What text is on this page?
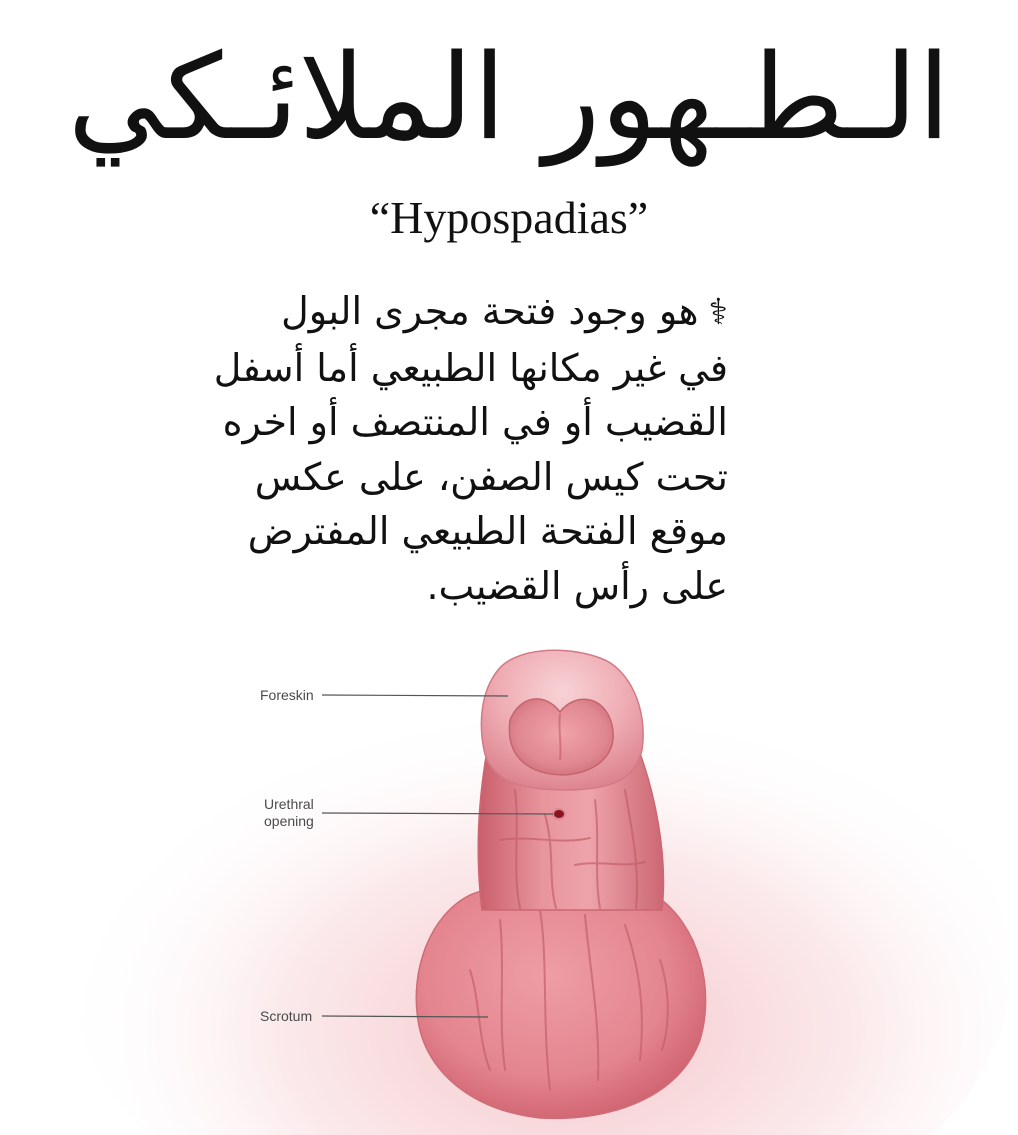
الـطـهور الملائـكي
“Hypospadias”
⚕هو وجود فتحة مجرى البول
في غير مكانها الطبيعي أما أسفل
القضيب أو في المنتصف أو اخره
تحت كيس الصفن، على عكس
موقع الفتحة الطبيعي المفترض
على رأس القضيب.
Foreskin
Urethral
opening
Scrotum
